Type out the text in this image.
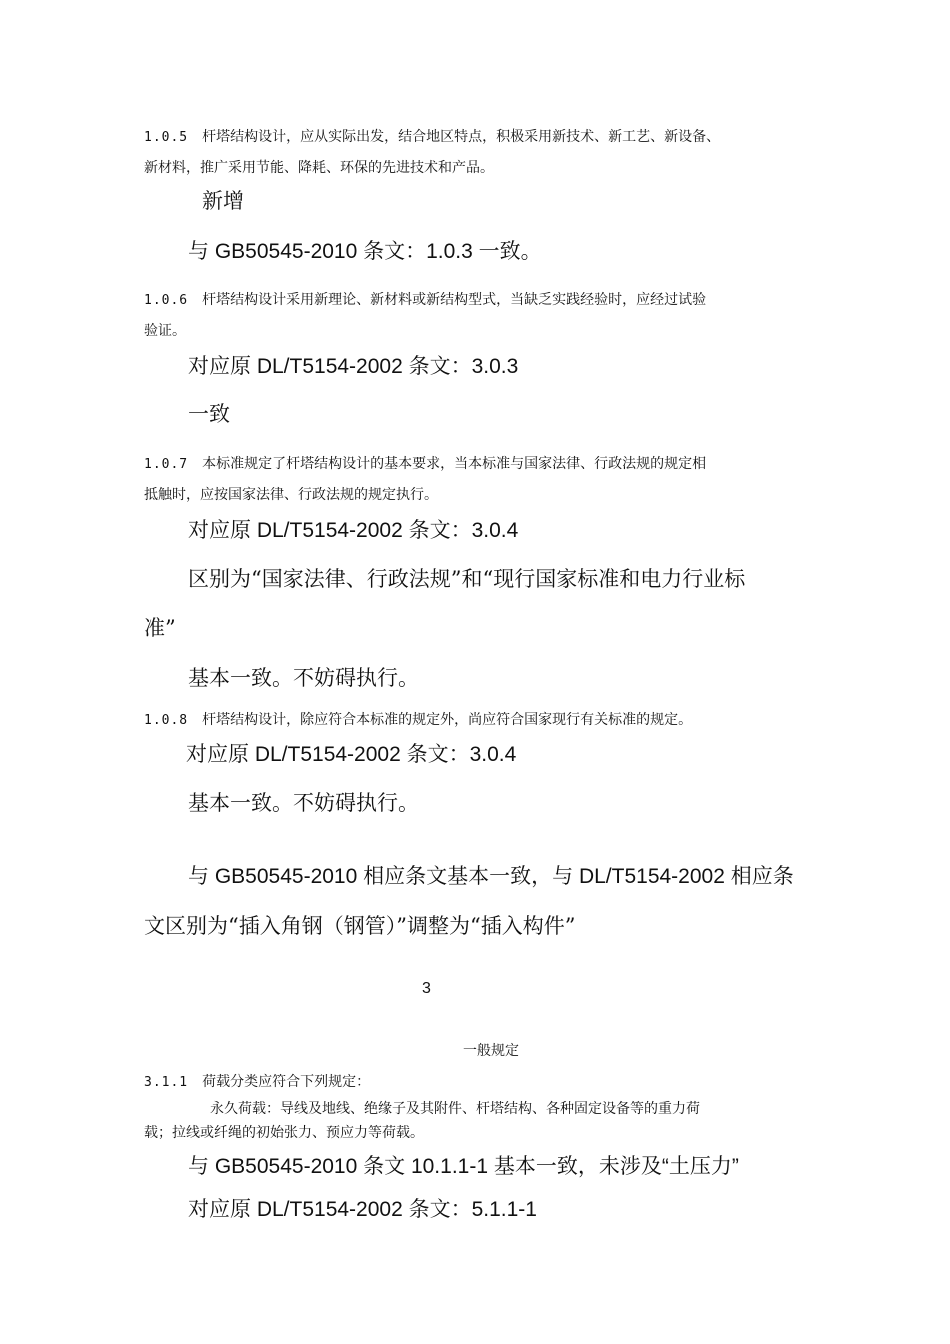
1.0.5 杆塔结构设计，应从实际出发，结合地区特点，积极采用新技术、新工艺、新设备、
新材料，推广采用节能、降耗、环保的先进技术和产品。
新增
与 GB50545-2010 条文：1.0.3 一致。
1.0.6 杆塔结构设计采用新理论、新材料或新结构型式，当缺乏实践经验时，应经过试验
验证。
对应原 DL/T5154-2002 条文：3.0.3
一致
1.0.7 本标准规定了杆塔结构设计的基本要求，当本标准与国家法律、行政法规的规定相
抵触时，应按国家法律、行政法规的规定执行。
对应原 DL/T5154-2002 条文：3.0.4
区别为“国家法律、行政法规”和“现行国家标准和电力行业标
准”
基本一致。不妨碍执行。
1.0.8 杆塔结构设计，除应符合本标准的规定外，尚应符合国家现行有关标准的规定。
对应原 DL/T5154-2002 条文：3.0.4
基本一致。不妨碍执行。

与 GB50545-2010 相应条文基本一致，与 DL/T5154-2002 相应条
文区别为“插入角钢（钢管）”调整为“插入构件”
3
一般规定
3.1.1 荷载分类应符合下列规定：
永久荷载：导线及地线、绝缘子及其附件、杆塔结构、各种固定设备等的重力荷
载；拉线或纤绳的初始张力、预应力等荷载。
与 GB50545-2010 条文 10.1.1-1 基本一致，未涉及“土压力”
对应原 DL/T5154-2002 条文：5.1.1-1
